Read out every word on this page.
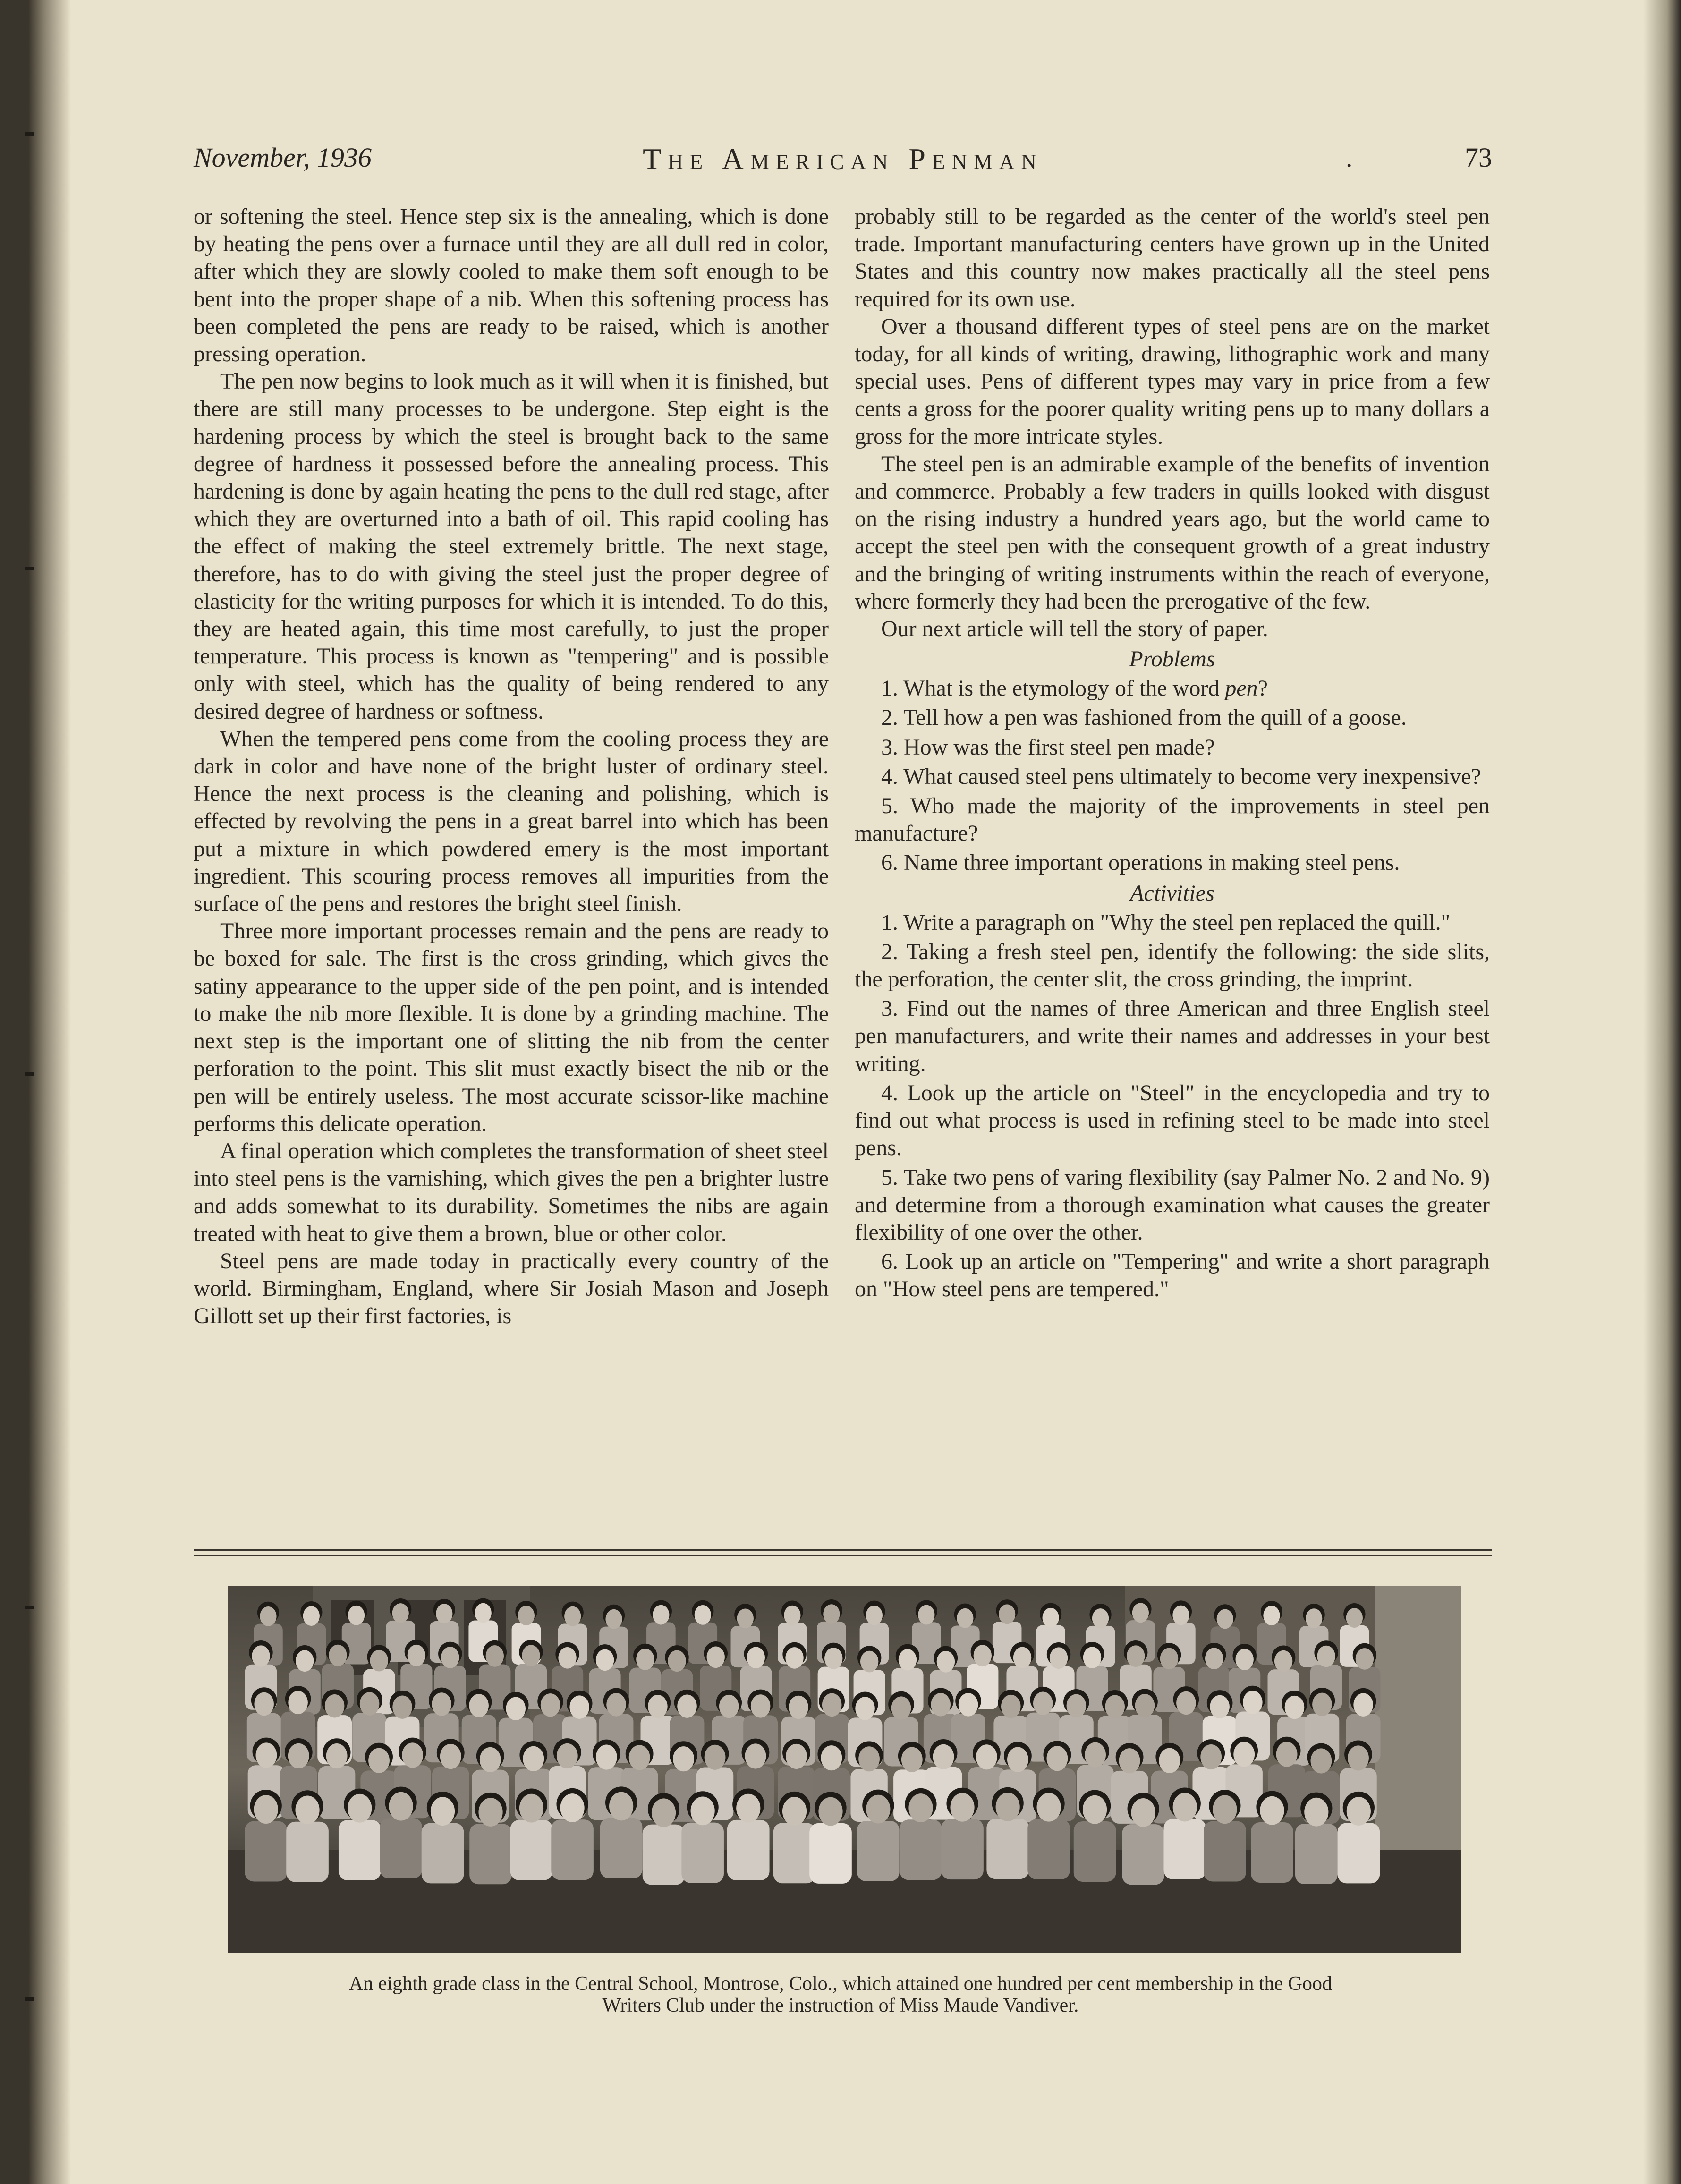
November, 1936	The American Penman	.	73

or softening the steel. Hence step six is the annealing, which is done by heating the pens over a furnace until they are all dull red in color, after which they are slowly cooled to make them soft enough to be bent into the proper shape of a nib. When this softening process has been completed the pens are ready to be raised, which is another pressing operation.

The pen now begins to look much as it will when it is finished, but there are still many processes to be undergone. Step eight is the hardening process by which the steel is brought back to the same degree of hardness it possessed before the annealing process. This hardening is done by again heating the pens to the dull red stage, after which they are overturned into a bath of oil. This rapid cooling has the effect of making the steel extremely brittle. The next stage, therefore, has to do with giving the steel just the proper degree of elasticity for the writing purposes for which it is intended. To do this, they are heated again, this time most carefully, to just the proper temperature. This process is known as "tempering" and is possible only with steel, which has the quality of being rendered to any desired degree of hardness or softness.

When the tempered pens come from the cooling process they are dark in color and have none of the bright luster of ordinary steel. Hence the next process is the cleaning and polishing, which is effected by revolving the pens in a great barrel into which has been put a mixture in which powdered emery is the most important ingredient. This scouring process removes all impurities from the surface of the pens and restores the bright steel finish.

Three more important processes remain and the pens are ready to be boxed for sale. The first is the cross grinding, which gives the satiny appearance to the upper side of the pen point, and is intended to make the nib more flexible. It is done by a grinding machine. The next step is the important one of slitting the nib from the center perforation to the point. This slit must exactly bisect the nib or the pen will be entirely useless. The most accurate scissor-like machine performs this delicate operation.

A final operation which completes the transformation of sheet steel into steel pens is the varnishing, which gives the pen a brighter lustre and adds somewhat to its durability. Sometimes the nibs are again treated with heat to give them a brown, blue or other color.

Steel pens are made today in practically every country of the world. Birmingham, England, where Sir Josiah Mason and Joseph Gillott set up their first factories, is

probably still to be regarded as the center of the world's steel pen trade. Important manufacturing centers have grown up in the United States and this country now makes practically all the steel pens required for its own use.

Over a thousand different types of steel pens are on the market today, for all kinds of writing, drawing, lithographic work and many special uses. Pens of different types may vary in price from a few cents a gross for the poorer quality writing pens up to many dollars a gross for the more intricate styles.

The steel pen is an admirable example of the benefits of invention and commerce. Probably a few traders in quills looked with disgust on the rising industry a hundred years ago, but the world came to accept the steel pen with the consequent growth of a great industry and the bringing of writing instruments within the reach of everyone, where formerly they had been the prerogative of the few.

Our next article will tell the story of paper.

Problems

1. What is the etymology of the word pen?

2. Tell how a pen was fashioned from the quill of a goose.

3. How was the first steel pen made?

4. What caused steel pens ultimately to become very inexpensive?

5. Who made the majority of the improvements in steel pen manufacture?

6. Name three important operations in making steel pens.

Activities

1. Write a paragraph on "Why the steel pen replaced the quill."

2. Taking a fresh steel pen, identify the following: the side slits, the perforation, the center slit, the cross grinding, the imprint.

3. Find out the names of three American and three English steel pen manufacturers, and write their names and addresses in your best writing.

4. Look up the article on "Steel" in the encyclopedia and try to find out what process is used in refining steel to be made into steel pens.

5. Take two pens of varing flexibility (say Palmer No. 2 and No. 9) and determine from a thorough examination what causes the greater flexibility of one over the other.

6. Look up an article on "Tempering" and write a short paragraph on "How steel pens are tempered."

An eighth grade class in the Central School, Montrose, Colo., which attained one hundred per cent membership in the Good
Writers Club under the instruction of Miss Maude Vandiver.
